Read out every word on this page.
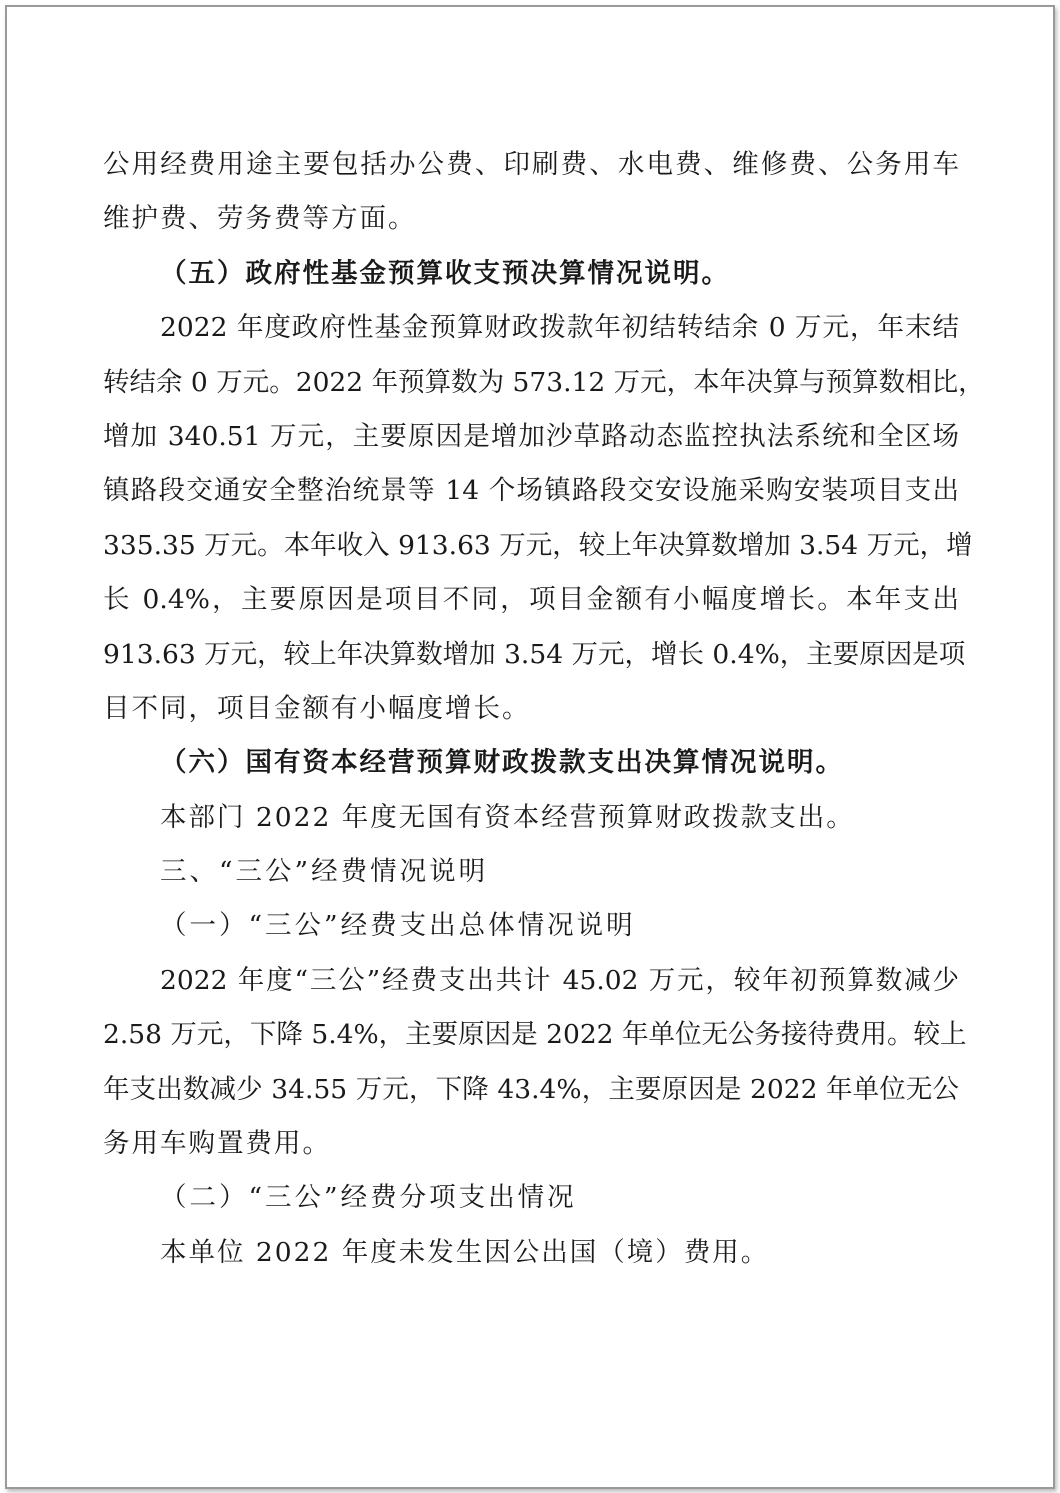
公用经费用途主要包括办公费、印刷费、水电费、维修费、公务用车
维护费、劳务费等方面。
（五）政府性基金预算收支预决算情况说明。
2022 年度政府性基金预算财政拨款年初结转结余 0 万元，年末结
转结余 0 万元。2022 年预算数为 573.12 万元，本年决算与预算数相比，
增加 340.51 万元，主要原因是增加沙草路动态监控执法系统和全区场
镇路段交通安全整治统景等 14 个场镇路段交安设施采购安装项目支出
335.35 万元。本年收入 913.63 万元，较上年决算数增加 3.54 万元，增
长 0.4%，主要原因是项目不同，项目金额有小幅度增长。本年支出
913.63 万元，较上年决算数增加 3.54 万元，增长 0.4%，主要原因是项
目不同，项目金额有小幅度增长。
（六）国有资本经营预算财政拨款支出决算情况说明。
本部门 2022 年度无国有资本经营预算财政拨款支出。
三、“三公”经费情况说明
（一）“三公”经费支出总体情况说明
2022 年度“三公”经费支出共计 45.02 万元，较年初预算数减少
2.58 万元，下降 5.4%，主要原因是 2022 年单位无公务接待费用。较上
年支出数减少 34.55 万元，下降 43.4%，主要原因是 2022 年单位无公
务用车购置费用。
（二）“三公”经费分项支出情况
本单位 2022 年度未发生因公出国（境）费用。
